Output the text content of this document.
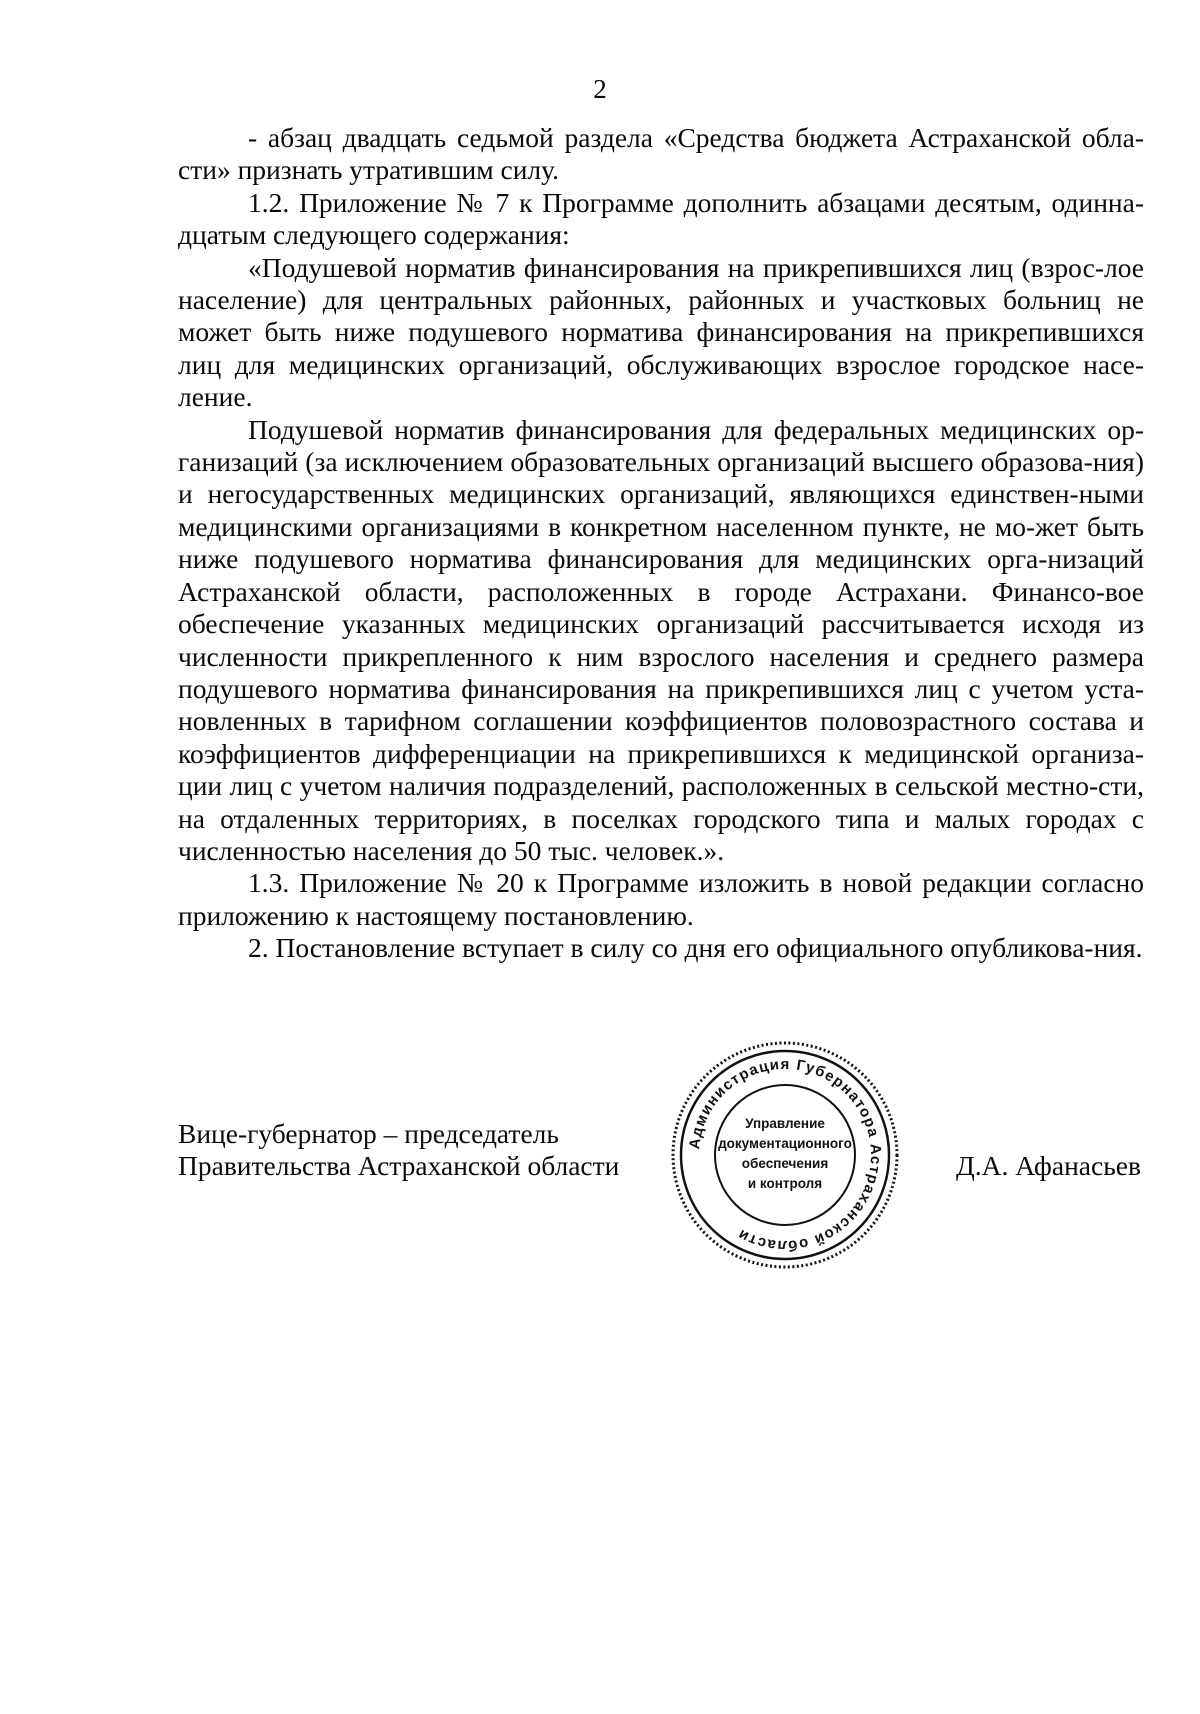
2

- абзац двадцать седьмой раздела «Средства бюджета Астраханской обла-сти» признать утратившим силу.

1.2. Приложение № 7 к Программе дополнить абзацами десятым, одинна-дцатым следующего содержания:

«Подушевой норматив финансирования на прикрепившихся лиц (взрос-лое население) для центральных районных, районных и участковых больниц не может быть ниже подушевого норматива финансирования на прикрепившихся лиц для медицинских организаций, обслуживающих взрослое городское насе-ление.

Подушевой норматив финансирования для федеральных медицинских ор-ганизаций (за исключением образовательных организаций высшего образова-ния) и негосударственных медицинских организаций, являющихся единствен-ными медицинскими организациями в конкретном населенном пункте, не мо-жет быть ниже подушевого норматива финансирования для медицинских орга-низаций Астраханской области, расположенных в городе Астрахани. Финансо-вое обеспечение указанных медицинских организаций рассчитывается исходя из численности прикрепленного к ним взрослого населения и среднего размера подушевого норматива финансирования на прикрепившихся лиц с учетом уста-новленных в тарифном соглашении коэффициентов половозрастного состава и коэффициентов дифференциации на прикрепившихся к медицинской организа-ции лиц с учетом наличия подразделений, расположенных в сельской местно-сти, на отдаленных территориях, в поселках городского типа и малых городах с численностью населения до 50 тыс. человек.».

1.3. Приложение № 20 к Программе изложить в новой редакции согласно приложению к настоящему постановлению.

2. Постановление вступает в силу со дня его официального опубликова-ния.

Вице-губернатор – председатель
Правительства Астраханской области	Д.А. Афанасьев
Администрация Губернатора Астраханской области
Управление
документационного
обеспечения
и контроля
